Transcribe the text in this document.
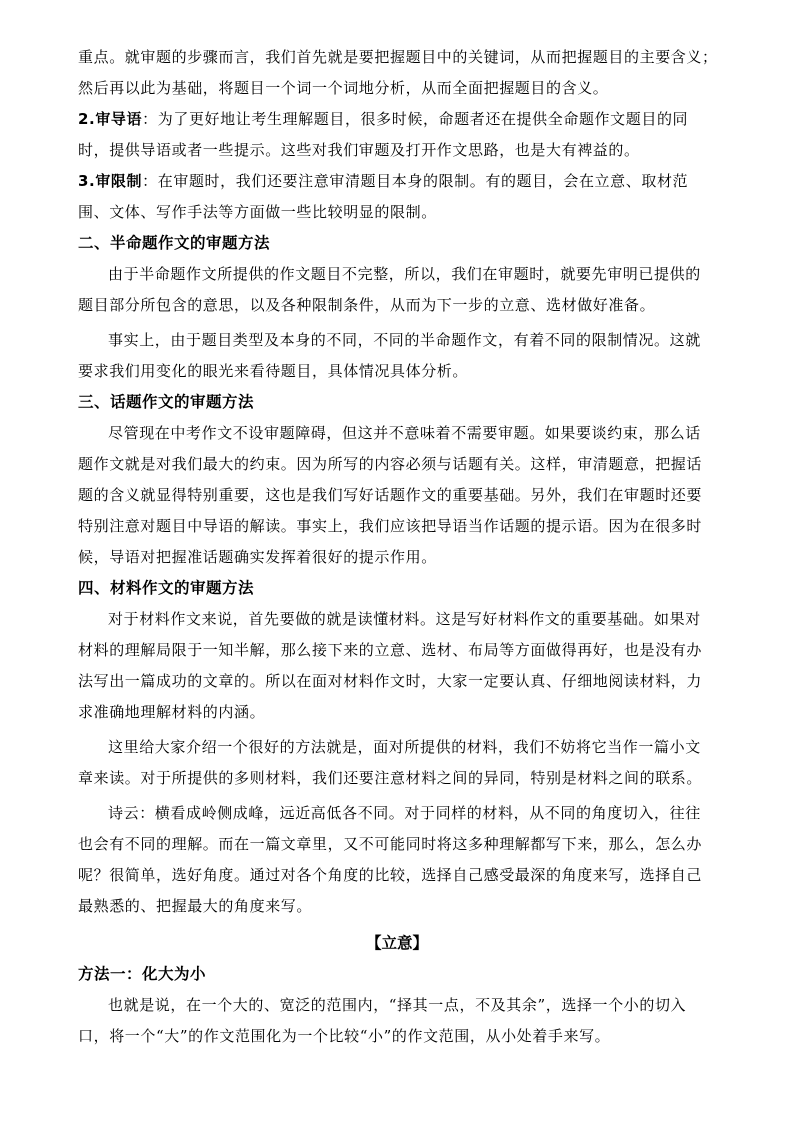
重点。就审题的步骤而言，我们首先就是要把握题目中的关键词，从而把握题目的主要含义；

然后再以此为基础，将题目一个词一个词地分析，从而全面把握题目的含义。

2.审导语：为了更好地让考生理解题目，很多时候，命题者还在提供全命题作文题目的同时，提供导语或者一些提示。这些对我们审题及打开作文思路，也是大有裨益的。

3.审限制：在审题时，我们还要注意审清题目本身的限制。有的题目，会在立意、取材范围、文体、写作手法等方面做一些比较明显的限制。

二、半命题作文的审题方法

由于半命题作文所提供的作文题目不完整，所以，我们在审题时，就要先审明已提供的题目部分所包含的意思，以及各种限制条件，从而为下一步的立意、选材做好准备。

事实上，由于题目类型及本身的不同，不同的半命题作文，有着不同的限制情况。这就要求我们用变化的眼光来看待题目，具体情况具体分析。

三、话题作文的审题方法

尽管现在中考作文不设审题障碍，但这并不意味着不需要审题。如果要谈约束，那么话题作文就是对我们最大的约束。因为所写的内容必须与话题有关。这样，审清题意，把握话题的含义就显得特别重要，这也是我们写好话题作文的重要基础。另外，我们在审题时还要特别注意对题目中导语的解读。事实上，我们应该把导语当作话题的提示语。因为在很多时候，导语对把握准话题确实发挥着很好的提示作用。

四、材料作文的审题方法

对于材料作文来说，首先要做的就是读懂材料。这是写好材料作文的重要基础。如果对材料的理解局限于一知半解，那么接下来的立意、选材、布局等方面做得再好，也是没有办法写出一篇成功的文章的。所以在面对材料作文时，大家一定要认真、仔细地阅读材料，力求准确地理解材料的内涵。

这里给大家介绍一个很好的方法就是，面对所提供的材料，我们不妨将它当作一篇小文章来读。对于所提供的多则材料，我们还要注意材料之间的异同，特别是材料之间的联系。

诗云：横看成岭侧成峰，远近高低各不同。对于同样的材料，从不同的角度切入，往往也会有不同的理解。而在一篇文章里，又不可能同时将这多种理解都写下来，那么，怎么办呢？很简单，选好角度。通过对各个角度的比较，选择自己感受最深的角度来写，选择自己最熟悉的、把握最大的角度来写。

【立意】

方法一：化大为小

也就是说，在一个大的、宽泛的范围内，“择其一点，不及其余”，选择一个小的切入口，将一个“大”的作文范围化为一个比较“小”的作文范围，从小处着手来写。
